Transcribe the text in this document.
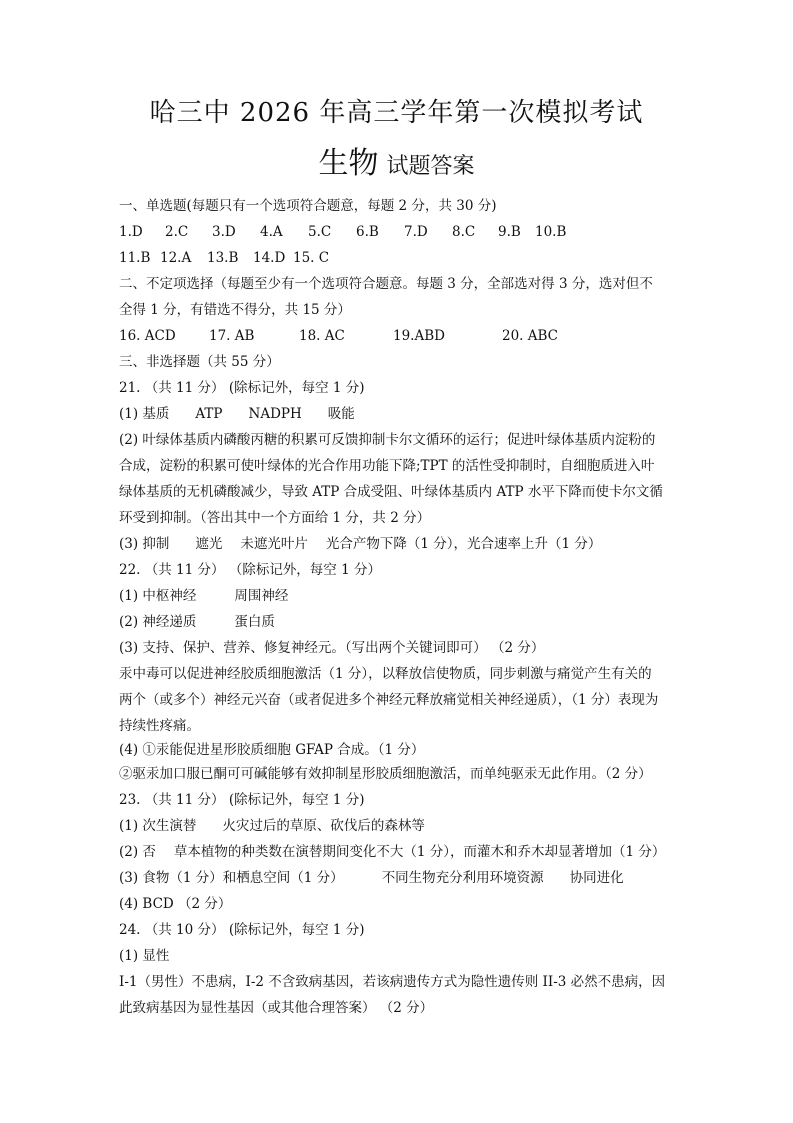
哈三中 2026 年高三学年第一次模拟考试
生物 试题答案
一、单选题(每题只有一个选项符合题意，每题 2 分，共 30 分)
1.D 2.C 3.D 4.A 5.C 6.B 7.D 8.C 9.B 10.B
11.B 12.A 13.B 14.D 15. C
二、不定项选择（每题至少有一个选项符合题意。每题 3 分，全部选对得 3 分，选对但不
全得 1 分，有错选不得分，共 15 分）
16. ACD 17. AB	18. AC	19.ABD	20. ABC
三、非选择题（共 55 分）
21. （共 11 分） (除标记外，每空 1 分)
(1) 基质 ATP NADPH 吸能
(2) 叶绿体基质内磷酸丙糖的积累可反馈抑制卡尔文循环的运行；促进叶绿体基质内淀粉的
合成，淀粉的积累可使叶绿体的光合作用功能下降;TPT 的活性受抑制时，自细胞质进入叶
绿体基质的无机磷酸减少，导致 ATP 合成受阻、叶绿体基质内 ATP 水平下降而使卡尔文循
环受到抑制。（答出其中一个方面给 1 分，共 2 分）
(3) 抑制 遮光 未遮光叶片 光合产物下降（1 分），光合速率上升（1 分）
22. （共 11 分） （除标记外，每空 1 分）
(1) 中枢神经	周围神经
(2) 神经递质	蛋白质
(3) 支持、保护、营养、修复神经元。（写出两个关键词即可） （2 分）
汞中毒可以促进神经胶质细胞激活（1 分），以释放信使物质，同步刺激与痛觉产生有关的
两个（或多个）神经元兴奋（或者促进多个神经元释放痛觉相关神经递质），（1 分）表现为
持续性疼痛。
(4) ①汞能促进星形胶质细胞 GFAP 合成。（1 分）
②驱汞加口服已酮可可碱能够有效抑制星形胶质细胞激活，而单纯驱汞无此作用。（2 分）
23. （共 11 分） (除标记外，每空 1 分)
(1) 次生演替 火灾过后的草原、砍伐后的森林等
(2) 否 草本植物的种类数在演替期间变化不大（1 分），而灌木和乔木却显著增加（1 分）
(3) 食物（1 分）和栖息空间（1 分）	不同生物充分利用环境资源 协同进化
(4) BCD （2 分）
24. （共 10 分） (除标记外，每空 1 分)
(1) 显性
I-1（男性）不患病，I-2 不含致病基因，若该病遗传方式为隐性遗传则 II-3 必然不患病，因
此致病基因为显性基因（或其他合理答案） （2 分）
